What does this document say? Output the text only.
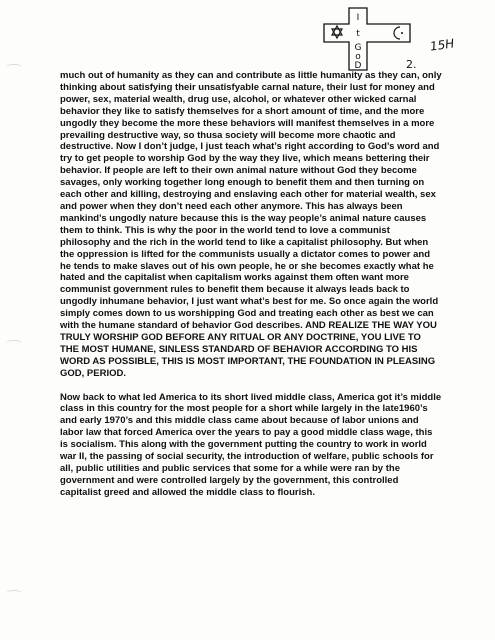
I
t
G
o
D

15H

2.

much out of humanity as they can and contribute as little humanity as they can, only thinking about satisfying their unsatisfyable carnal nature, their lust for money and power, sex, material wealth, drug use, alcohol, or whatever other wicked carnal behavior they like to satisfy themselves for a short amount of time, and the more ungodly they become the more these behaviors will manifest themselves in a more prevailing destructive way, so thusa society will become more chaotic and destructive. Now I don’t judge, I just teach what’s right according to God’s word and try to get people to worship God by the way they live, which means bettering their behavior. If people are left to their own animal nature without God they become savages, only working together long enough to benefit them and then turning on each other and killing, destroying and enslaving each other for material wealth, sex and power when they don’t need each other anymore. This has always been mankind’s ungodly nature because this is the way people’s animal nature causes them to think. This is why the poor in the world tend to love a communist philosophy and the rich in the world tend to like a capitalist philosophy. But when the oppression is lifted for the communists usually a dictator comes to power and he tends to make slaves out of his own people, he or she becomes exactly what he hated and the capitalist when capitalism works against them often want more communist government rules to benefit them because it always leads back to ungodly inhumane behavior, I just want what’s best for me. So once again the world simply comes down to us worshipping God and treating each other as best we can with the humane standard of behavior God describes. AND REALIZE THE WAY YOU TRULY WORSHIP GOD BEFORE ANY RITUAL OR ANY DOCTRINE, YOU LIVE TO THE MOST HUMANE, SINLESS STANDARD OF BEHAVIOR ACCORDING TO HIS WORD AS POSSIBLE, THIS IS MOST IMPORTANT, THE FOUNDATION IN PLEASING GOD, PERIOD.

Now back to what led America to its short lived middle class, America got it’s middle class in this country for the most people for a short while largely in the late1960’s and early 1970’s and this middle class came about because of labor unions and labor law that forced America over the years to pay a good middle class wage, this is socialism. This along with the government putting the country to work in world war II, the passing of social security, the introduction of welfare, public schools for all, public utilities and public services that some for a while were ran by the government and were controlled largely by the government, this controlled capitalist greed and allowed the middle class to flourish.
